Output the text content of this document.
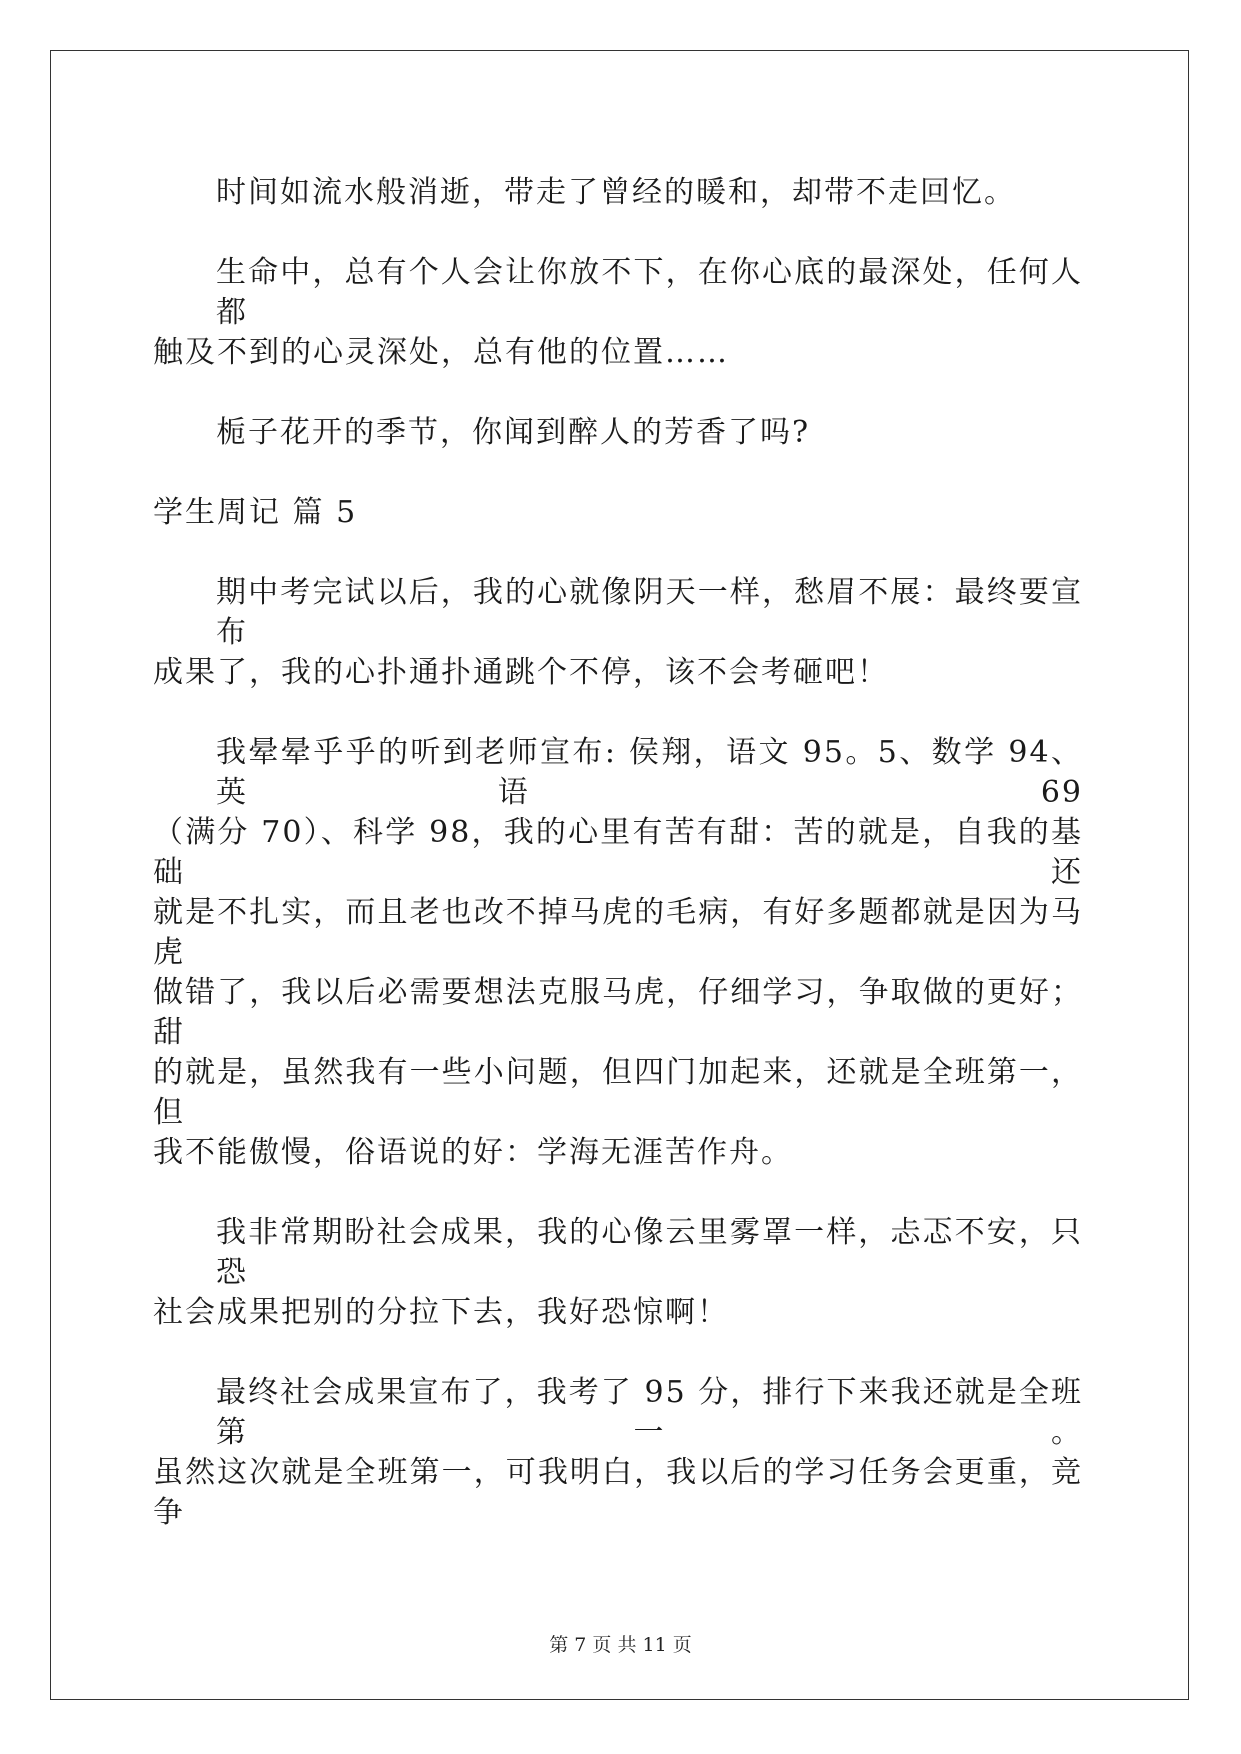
时间如流水般消逝，带走了曾经的暖和，却带不走回忆。
生命中，总有个人会让你放不下，在你心底的最深处，任何人都
触及不到的心灵深处，总有他的位置……
栀子花开的季节，你闻到醉人的芳香了吗?
学生周记 篇 5
期中考完试以后，我的心就像阴天一样，愁眉不展：最终要宣布
成果了，我的心扑通扑通跳个不停，该不会考砸吧！
我晕晕乎乎的听到老师宣布: 侯翔，语文 95。5、数学 94、英语 69
（满分 70）、科学 98，我的心里有苦有甜：苦的就是，自我的基础还
就是不扎实，而且老也改不掉马虎的毛病，有好多题都就是因为马虎
做错了，我以后必需要想法克服马虎，仔细学习，争取做的更好；甜
的就是，虽然我有一些小问题，但四门加起来，还就是全班第一，但
我不能傲慢，俗语说的好：学海无涯苦作舟。
我非常期盼社会成果，我的心像云里雾罩一样，忐忑不安，只恐
社会成果把别的分拉下去，我好恐惊啊！
最终社会成果宣布了，我考了 95 分，排行下来我还就是全班第一。
虽然这次就是全班第一，可我明白，我以后的学习任务会更重，竞争
第 7 页 共 11 页
